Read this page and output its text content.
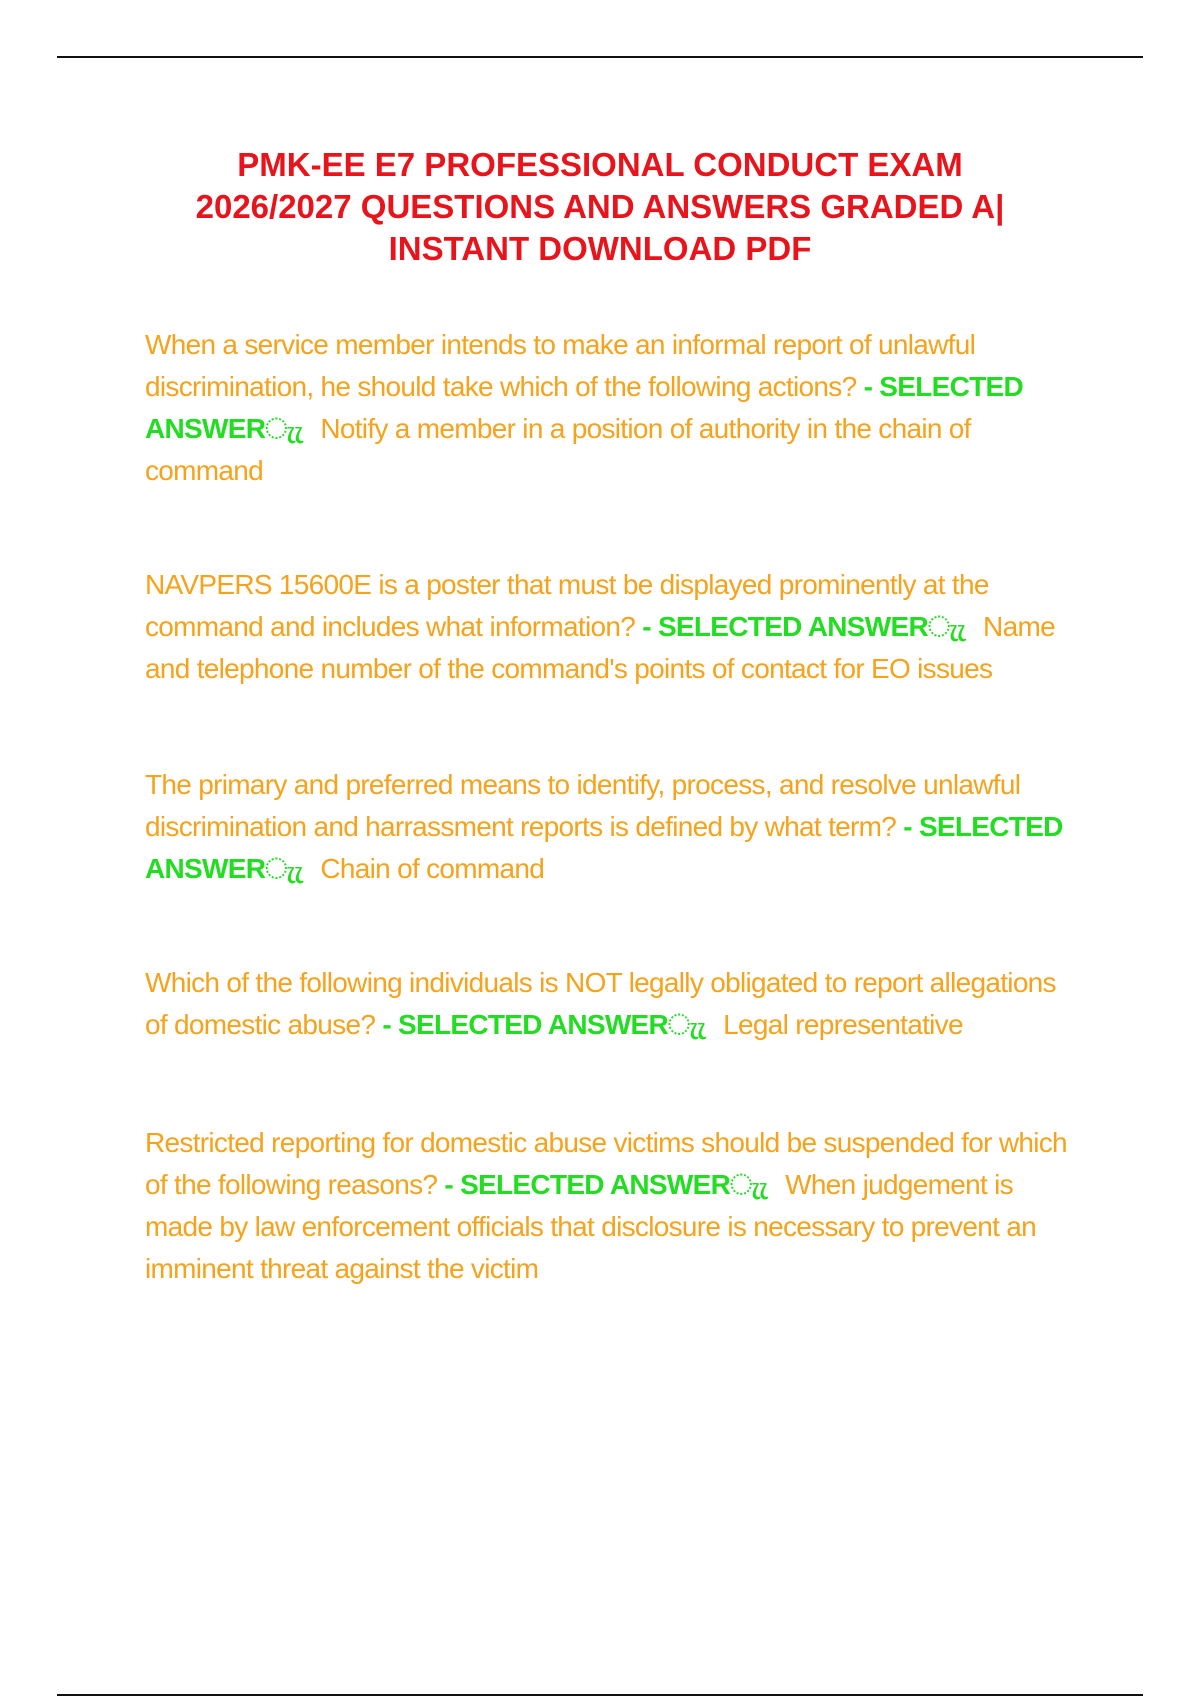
PMK-EE E7 PROFESSIONAL CONDUCT EXAM
2026/2027 QUESTIONS AND ANSWERS GRADED A|
INSTANT DOWNLOAD PDF

When a service member intends to make an informal report of unlawful discrimination, he should take which of the following actions? - SELECTED ANSWERැැ Notify a member in a position of authority in the chain of command

NAVPERS 15600E is a poster that must be displayed prominently at the command and includes what information? - SELECTED ANSWERැැ Name and telephone number of the command's points of contact for EO issues

The primary and preferred means to identify, process, and resolve unlawful discrimination and harrassment reports is defined by what term? - SELECTED ANSWERැැ Chain of command

Which of the following individuals is NOT legally obligated to report allegations of domestic abuse? - SELECTED ANSWERැැ Legal representative

Restricted reporting for domestic abuse victims should be suspended for which of the following reasons? - SELECTED ANSWERැැ When judgement is made by law enforcement officials that disclosure is necessary to prevent an imminent threat against the victim
